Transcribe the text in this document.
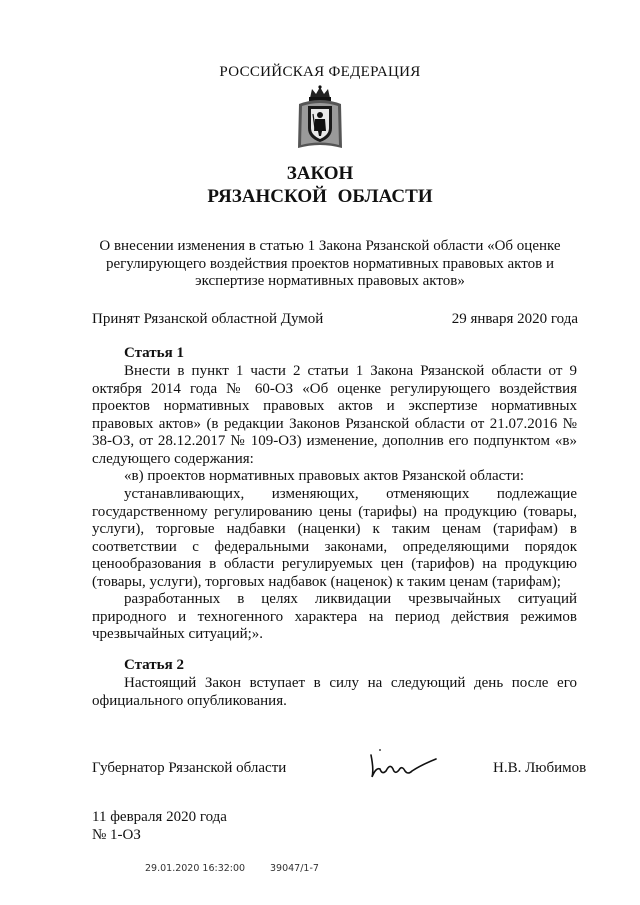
РОССИЙСКАЯ ФЕДЕРАЦИЯ
ЗАКОН
РЯЗАНСКОЙ ОБЛАСТИ
О внесении изменения в статью 1 Закона Рязанской области «Об оценке регулирующего воздействия проектов нормативных правовых актов и экспертизе нормативных правовых актов»
Принят Рязанской областной Думой	29 января 2020 года
Статья 1
Внести в пункт 1 части 2 статьи 1 Закона Рязанской области от 9 октября 2014 года № 60-ОЗ «Об оценке регулирующего воздействия проектов нормативных правовых актов и экспертизе нормативных правовых актов» (в редакции Законов Рязанской области от 21.07.2016 № 38-ОЗ, от 28.12.2017 № 109-ОЗ) изменение, дополнив его подпунктом «в» следующего содержания:
«в) проектов нормативных правовых актов Рязанской области:
устанавливающих, изменяющих, отменяющих подлежащие государственному регулированию цены (тарифы) на продукцию (товары, услуги), торговые надбавки (наценки) к таким ценам (тарифам) в соответствии с федеральными законами, определяющими порядок ценообразования в области регулируемых цен (тарифов) на продукцию (товары, услуги), торговых надбавок (наценок) к таким ценам (тарифам);
разработанных в целях ликвидации чрезвычайных ситуаций природного и техногенного характера на период действия режимов чрезвычайных ситуаций;».
Статья 2
Настоящий Закон вступает в силу на следующий день после его официального опубликования.
Губернатор Рязанской области	Н.В. Любимов
11 февраля 2020 года
№ 1-ОЗ
29.01.2020 16:32:00	39047/1-7
